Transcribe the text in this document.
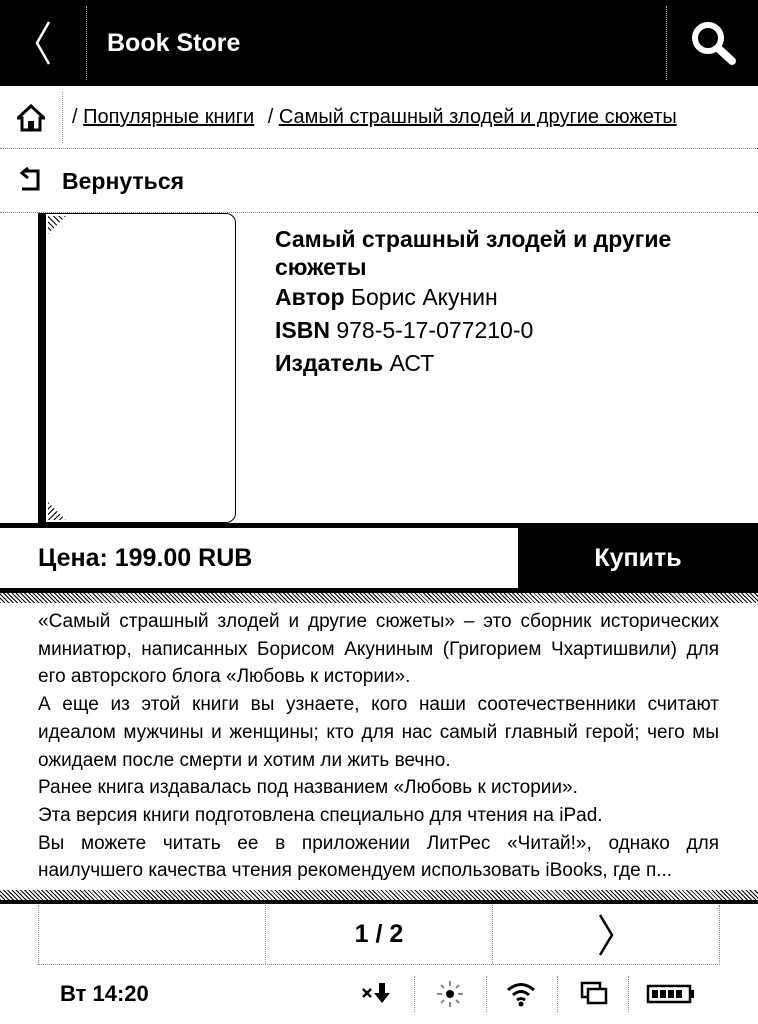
Book Store
/ Популярные книги / Самый страшный злодей и другие сюжеты
Вернуться
Самый страшный злодей и другие сюжеты
Автор Борис Акунин
ISBN 978-5-17-077210-0
Издатель АСТ
Цена: 199.00 RUB	Купить

«Самый страшный злодей и другие сюжеты» – это сборник исторических миниатюр, написанных Борисом Акуниным (Григорием Чхартишвили) для его авторского блога «Любовь к истории».

А еще из этой книги вы узнаете, кого наши соотечественники считают идеалом мужчины и женщины; кто для нас самый главный герой; чего мы ожидаем после смерти и хотим ли жить вечно.

Ранее книга издавалась под названием «Любовь к истории».

Эта версия книги подготовлена специально для чтения на iPad.

Вы можете читать ее в приложении ЛитРес «Читай!», однако для наилучшего качества чтения рекомендуем использовать iBooks, где п...

1 / 2
Вт 14:20
